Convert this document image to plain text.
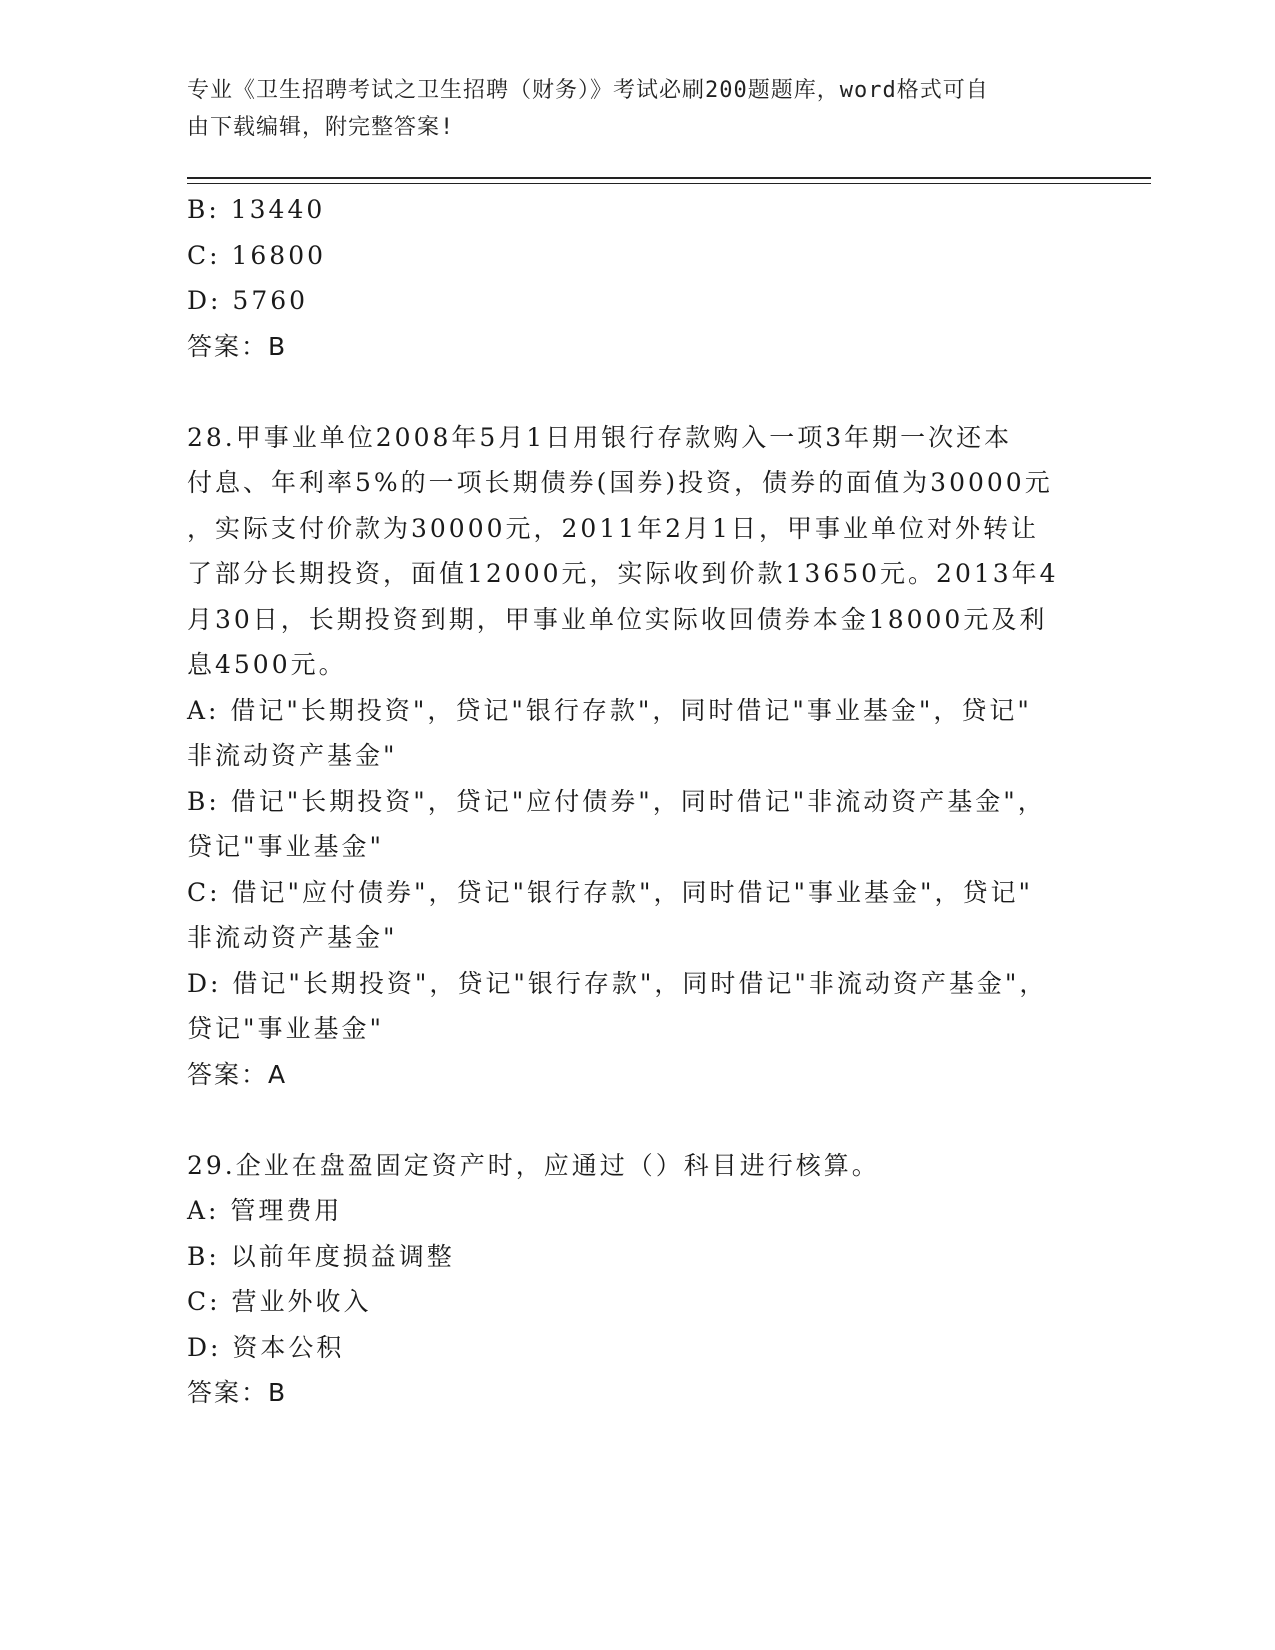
专业《卫生招聘考试之卫生招聘（财务）》考试必刷200题题库，word格式可自
由下载编辑，附完整答案!
B: 13440
C: 16800
D: 5760
答案：B
28.甲事业单位2008年5月1日用银行存款购入一项3年期一次还本
付息、年利率5%的一项长期债券(国券)投资，债券的面值为30000元
，实际支付价款为30000元，2011年2月1日，甲事业单位对外转让
了部分长期投资，面值12000元，实际收到价款13650元。2013年4
月30日，长期投资到期，甲事业单位实际收回债券本金18000元及利
息4500元。
A: 借记"长期投资"，贷记"银行存款"，同时借记"事业基金"，贷记"
非流动资产基金"
B: 借记"长期投资"，贷记"应付债券"，同时借记"非流动资产基金"，
贷记"事业基金"
C: 借记"应付债券"，贷记"银行存款"，同时借记"事业基金"，贷记"
非流动资产基金"
D: 借记"长期投资"，贷记"银行存款"，同时借记"非流动资产基金"，
贷记"事业基金"
答案：A
29.企业在盘盈固定资产时，应通过（）科目进行核算。
A: 管理费用
B: 以前年度损益调整
C: 营业外收入
D: 资本公积
答案：B
